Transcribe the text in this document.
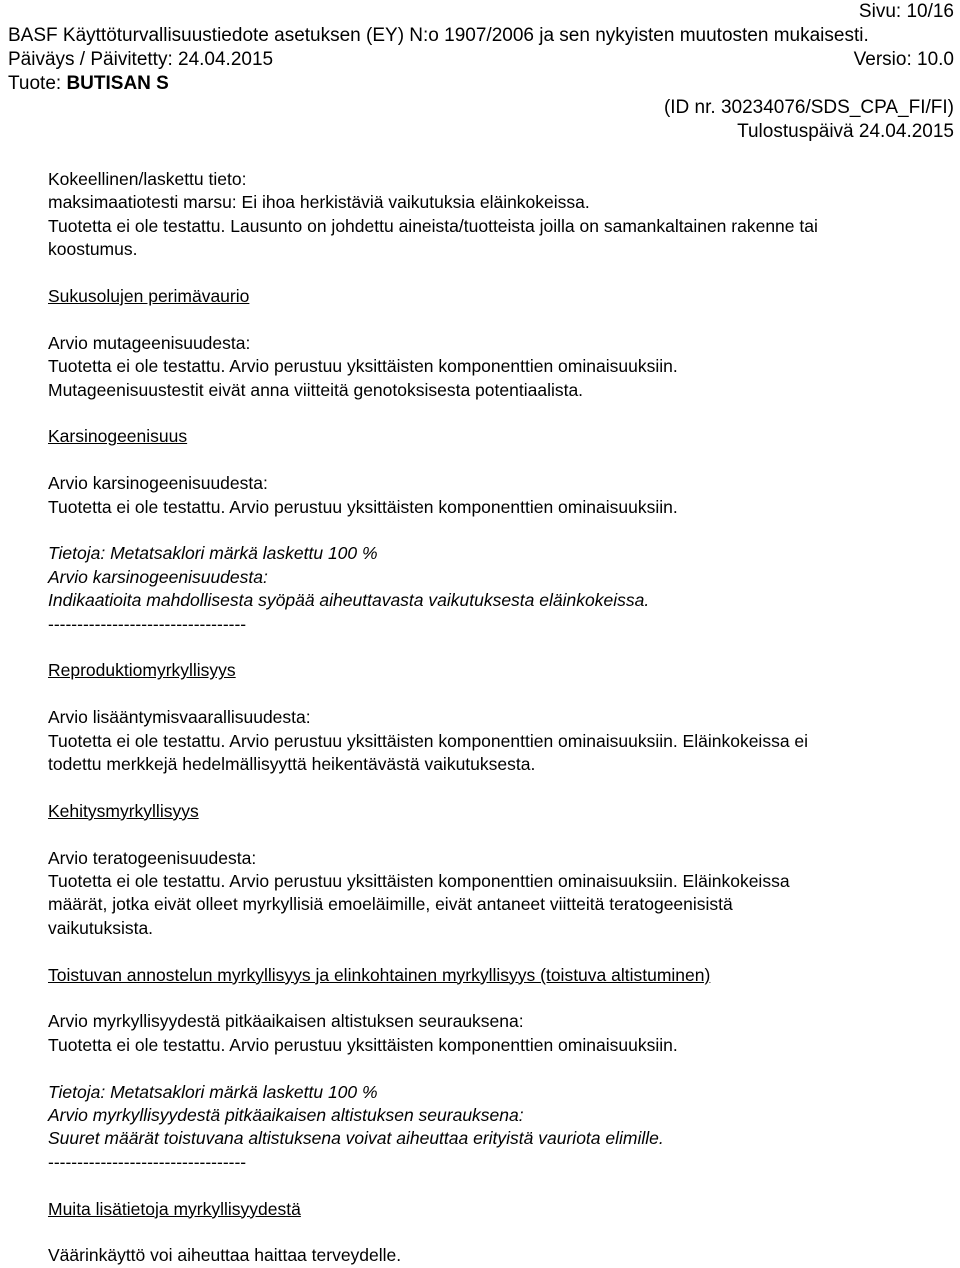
Sivu: 10/16
BASF Käyttöturvallisuustiedote asetuksen (EY) N:o 1907/2006 ja sen nykyisten muutosten mukaisesti.
Päiväys / Päivitetty: 24.04.2015	Versio: 10.0
Tuote: BUTISAN S
(ID nr. 30234076/SDS_CPA_FI/FI)
Tulostuspäivä 24.04.2015

Kokeellinen/laskettu tieto:

maksimaatiotesti marsu: Ei ihoa herkistäviä vaikutuksia eläinkokeissa.

Tuotetta ei ole testattu. Lausunto on johdettu aineista/tuotteista joilla on samankaltainen rakenne tai

koostumus.

Sukusolujen perimävaurio

Arvio mutageenisuudesta:

Tuotetta ei ole testattu. Arvio perustuu yksittäisten komponenttien ominaisuuksiin.

Mutageenisuustestit eivät anna viitteitä genotoksisesta potentiaalista.

Karsinogeenisuus

Arvio karsinogeenisuudesta:

Tuotetta ei ole testattu. Arvio perustuu yksittäisten komponenttien ominaisuuksiin.

Tietoja: Metatsaklori märkä laskettu 100 %

Arvio karsinogeenisuudesta:

Indikaatioita mahdollisesta syöpää aiheuttavasta vaikutuksesta eläinkokeissa.

----------------------------------

Reproduktiomyrkyllisyys

Arvio lisääntymisvaarallisuudesta:

Tuotetta ei ole testattu. Arvio perustuu yksittäisten komponenttien ominaisuuksiin. Eläinkokeissa ei

todettu merkkejä hedelmällisyyttä heikentävästä vaikutuksesta.

Kehitysmyrkyllisyys

Arvio teratogeenisuudesta:

Tuotetta ei ole testattu. Arvio perustuu yksittäisten komponenttien ominaisuuksiin. Eläinkokeissa

määrät, jotka eivät olleet myrkyllisiä emoeläimille, eivät antaneet viitteitä teratogeenisistä

vaikutuksista.

Toistuvan annostelun myrkyllisyys ja elinkohtainen myrkyllisyys (toistuva altistuminen)

Arvio myrkyllisyydestä pitkäaikaisen altistuksen seurauksena:

Tuotetta ei ole testattu. Arvio perustuu yksittäisten komponenttien ominaisuuksiin.

Tietoja: Metatsaklori märkä laskettu 100 %

Arvio myrkyllisyydestä pitkäaikaisen altistuksen seurauksena:

Suuret määrät toistuvana altistuksena voivat aiheuttaa erityistä vauriota elimille.

----------------------------------

Muita lisätietoja myrkyllisyydestä

Väärinkäyttö voi aiheuttaa haittaa terveydelle.
